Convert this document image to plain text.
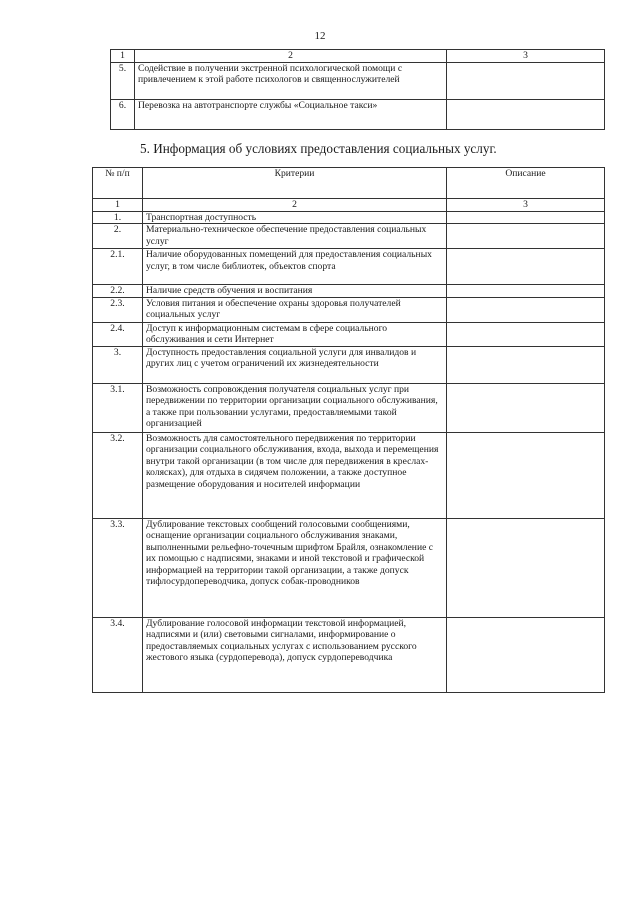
12
1	2	3
5.	Содействие в получении экстренной психологической помощи с привлечением к этой работе психологов и священнослужителей	
6.	Перевозка на автотранспорте службы «Социальное такси»	
5. Информация об условиях предоставления социальных услуг.
№ п/п	Критерии	Описание
1	2	3
1.	Транспортная доступность	
2.	Материально-техническое обеспечение предоставления социальных услуг	
2.1.	Наличие оборудованных помещений для предоставления социальных услуг, в том числе библиотек, объектов спорта	
2.2.	Наличие средств обучения и воспитания	
2.3.	Условия питания и обеспечение охраны здоровья получателей социальных услуг	
2.4.	Доступ к информационным системам в сфере социального обслуживания и сети Интернет	
3.	Доступность предоставления социальной услуги для инвалидов и других лиц с учетом ограничений их жизнедеятельности	
3.1.	Возможность сопровождения получателя социальных услуг при передвижении по территории организации социального обслуживания, а также при пользовании услугами, предоставляемыми такой организацией	
3.2.	Возможность для самостоятельного передвижения по территории организации социального обслуживания, входа, выхода и перемещения внутри такой организации (в том числе для передвижения в креслах-колясках), для отдыха в сидячем положении, а также доступное размещение оборудования и носителей информации	
3.3.	Дублирование текстовых сообщений голосовыми сообщениями, оснащение организации социального обслуживания знаками, выполненными рельефно-точечным шрифтом Брайля, ознакомление с их помощью с надписями, знаками и иной текстовой и графической информацией на территории такой организации, а также допуск тифлосурдопереводчика, допуск собак-проводников	
3.4.	Дублирование голосовой информации текстовой информацией, надписями и (или) световыми сигналами, информирование о предоставляемых социальных услугах с использованием русского жестового языка (сурдоперевода), допуск сурдопереводчика	
